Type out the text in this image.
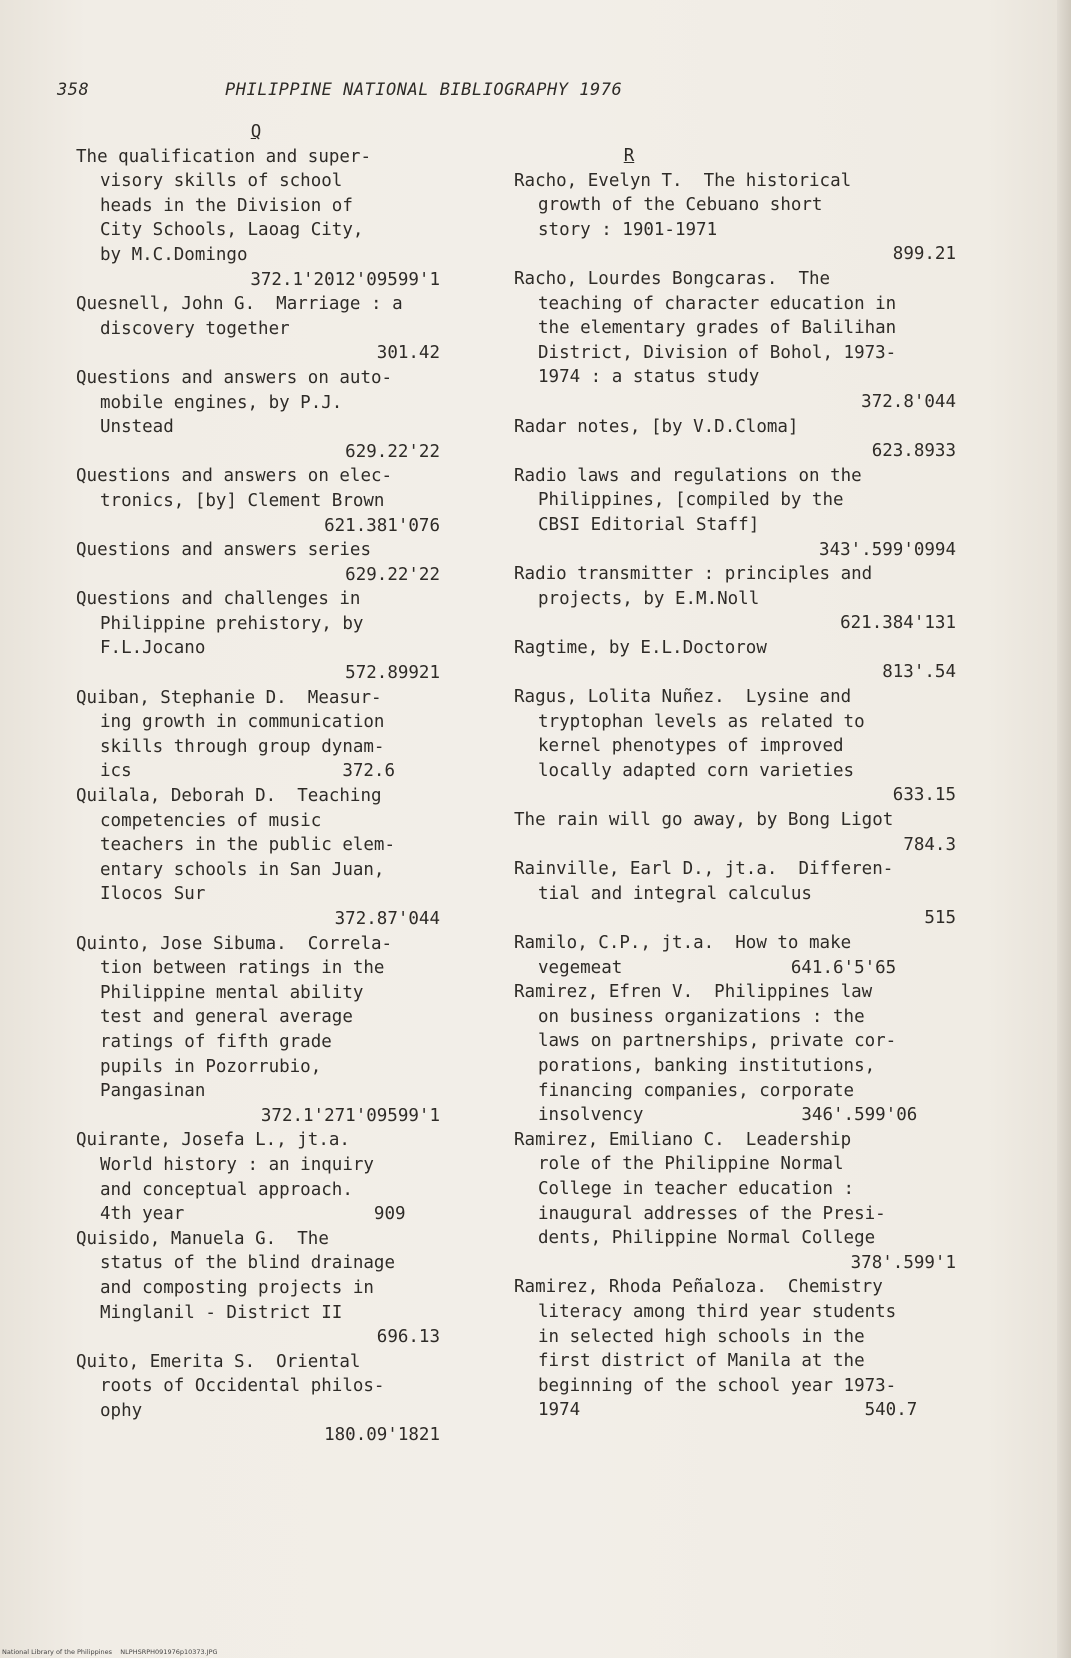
358	PHILIPPINE NATIONAL BIBLIOGRAPHY 1976
Q
The qualification and super-
visory skills of school
heads in the Division of
City Schools, Laoag City,
by M.C.Domingo
372.1'2012'09599'1
Quesnell, John G.  Marriage : a
discovery together
301.42
Questions and answers on auto-
mobile engines, by P.J.
Unstead
629.22'22
Questions and answers on elec-
tronics, [by] Clement Brown
621.381'076
Questions and answers series
629.22'22
Questions and challenges in
Philippine prehistory, by
F.L.Jocano
572.89921
Quiban, Stephanie D.  Measur-
ing growth in communication
skills through group dynam-
ics                    372.6
Quilala, Deborah D.  Teaching
competencies of music
teachers in the public elem-
entary schools in San Juan,
Ilocos Sur
372.87'044
Quinto, Jose Sibuma.  Correla-
tion between ratings in the
Philippine mental ability
test and general average
ratings of fifth grade
pupils in Pozorrubio,
Pangasinan
372.1'271'09599'1
Quirante, Josefa L., jt.a.
World history : an inquiry
and conceptual approach.
4th year                  909
Quisido, Manuela G.  The
status of the blind drainage
and composting projects in
Minglanil - District II
696.13
Quito, Emerita S.  Oriental
roots of Occidental philos-
ophy
180.09'1821
R
Racho, Evelyn T.  The historical
growth of the Cebuano short
story : 1901-1971
899.21
Racho, Lourdes Bongcaras.  The
teaching of character education in
the elementary grades of Balilihan
District, Division of Bohol, 1973-
1974 : a status study
372.8'044
Radar notes, [by V.D.Cloma]
623.8933
Radio laws and regulations on the
Philippines, [compiled by the
CBSI Editorial Staff]
343'.599'0994
Radio transmitter : principles and
projects, by E.M.Noll
621.384'131
Ragtime, by E.L.Doctorow
813'.54
Ragus, Lolita Nuñez.  Lysine and
tryptophan levels as related to
kernel phenotypes of improved
locally adapted corn varieties
633.15
The rain will go away, by Bong Ligot
784.3
Rainville, Earl D., jt.a.  Differen-
tial and integral calculus
515
Ramilo, C.P., jt.a.  How to make
vegemeat                641.6'5'65
Ramirez, Efren V.  Philippines law
on business organizations : the
laws on partnerships, private cor-
porations, banking institutions,
financing companies, corporate
insolvency               346'.599'06
Ramirez, Emiliano C.  Leadership
role of the Philippine Normal
College in teacher education :
inaugural addresses of the Presi-
dents, Philippine Normal College
378'.599'1
Ramirez, Rhoda Peñaloza.  Chemistry
literacy among third year students
in selected high schools in the
first district of Manila at the
beginning of the school year 1973-
1974                           540.7
National Library of the Philippines    NLPHSRPH091976p10373.JPG
